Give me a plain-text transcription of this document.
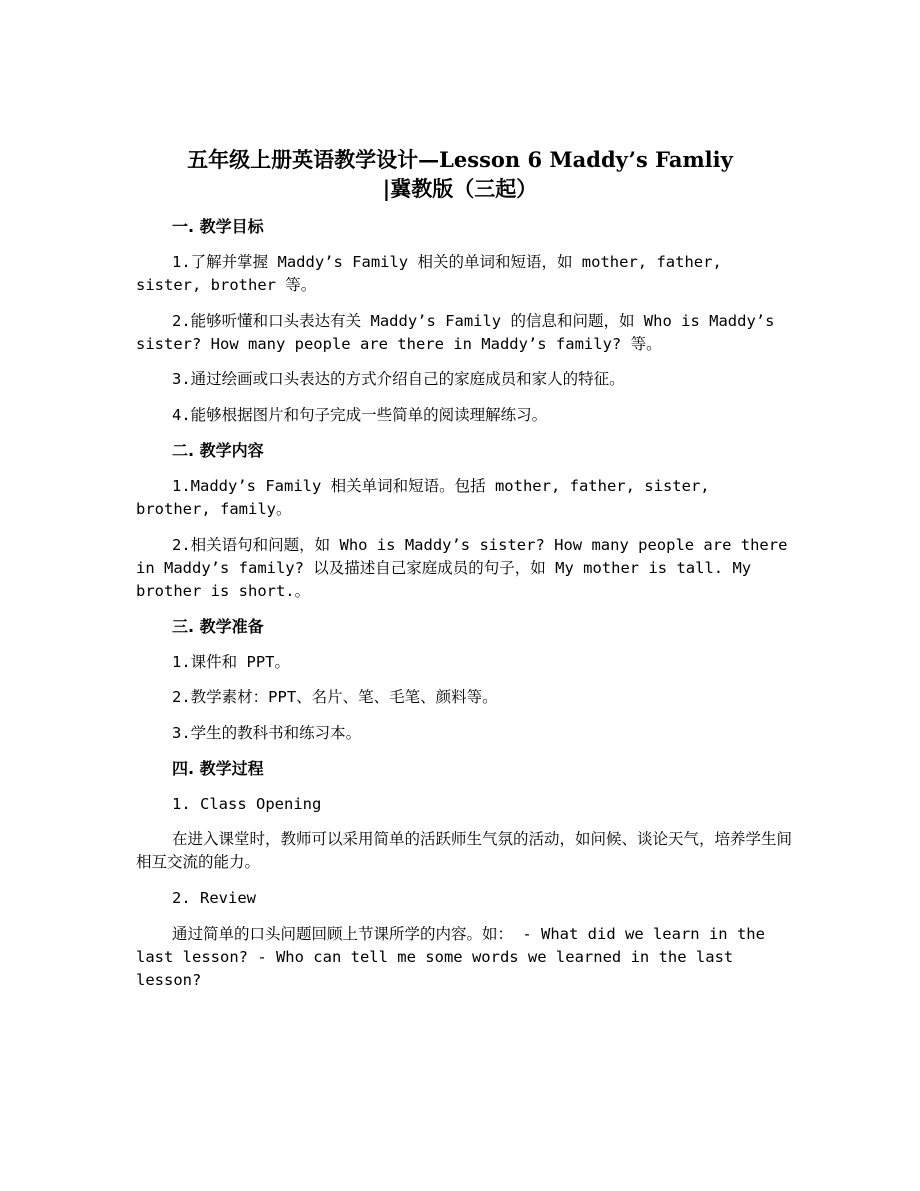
五年级上册英语教学设计—Lesson 6 Maddy’s Famliy
|冀教版（三起）
一. 教学目标
1.了解并掌握 Maddy’s Family 相关的单词和短语，如 mother, father, sister, brother 等。
2.能够听懂和口头表达有关 Maddy’s Family 的信息和问题，如 Who is Maddy’s sister? How many people are there in Maddy’s family? 等。
3.通过绘画或口头表达的方式介绍自己的家庭成员和家人的特征。
4.能够根据图片和句子完成一些简单的阅读理解练习。
二. 教学内容
1.Maddy’s Family 相关单词和短语。包括 mother, father, sister, brother, family。
2.相关语句和问题，如 Who is Maddy’s sister? How many people are there in Maddy’s family? 以及描述自己家庭成员的句子，如 My mother is tall. My brother is short.。
三. 教学准备
1.课件和 PPT。
2.教学素材：PPT、名片、笔、毛笔、颜料等。
3.学生的教科书和练习本。
四. 教学过程
1. Class Opening
在进入课堂时，教师可以采用简单的活跃师生气氛的活动，如问候、谈论天气，培养学生间相互交流的能力。
2. Review
通过简单的口头问题回顾上节课所学的内容。如： - What did we learn in the last lesson? - Who can tell me some words we learned in the last lesson?
